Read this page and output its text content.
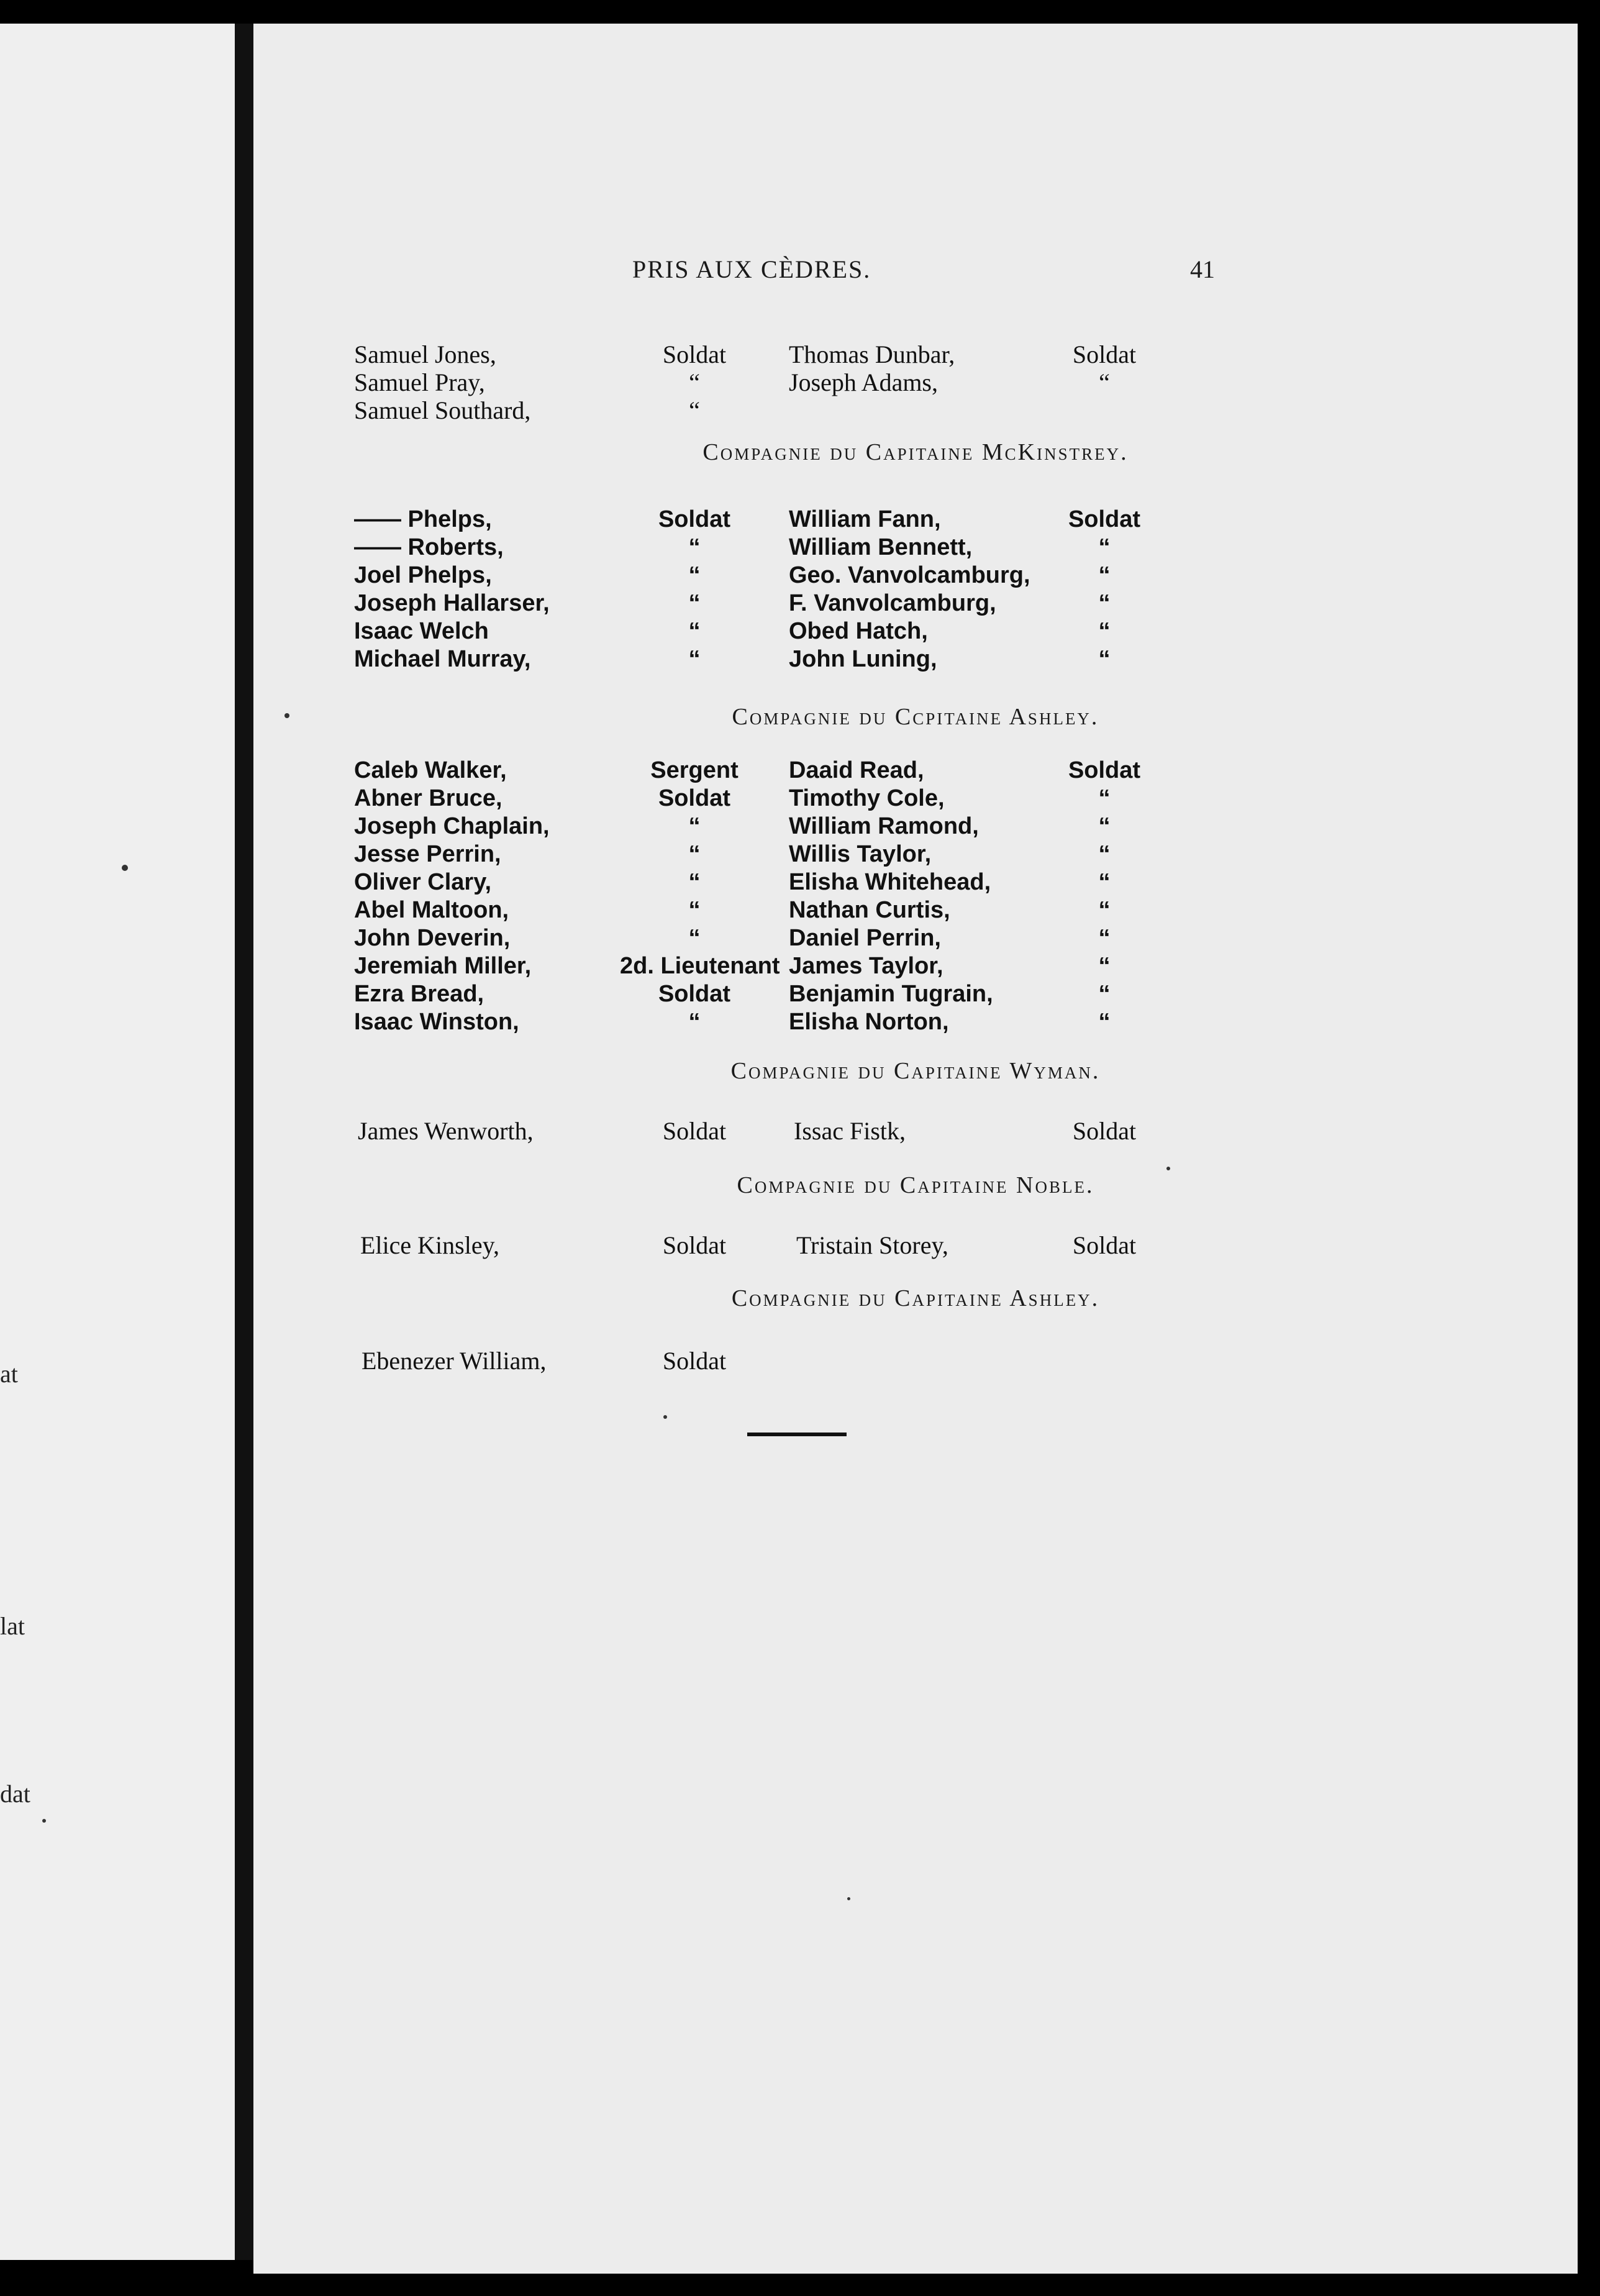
at
lat
dat
PRIS AUX CÈDRES.	41
Samuel Jones,	Soldat	Thomas Dunbar,	Soldat
Samuel Pray,	“	Joseph Adams,	“
Samuel Southard,	“
Compagnie du Capitaine McKinstrey.
—— Phelps,	Soldat	William Fann,	Soldat
—— Roberts,	“	William Bennett,	“
Joel Phelps,	“	Geo. Vanvolcamburg,	“
Joseph Hallarser,	“	F. Vanvolcamburg,	“
Isaac Welch	“	Obed Hatch,	“
Michael Murray,	“	John Luning,	“
Compagnie du Ccpitaine Ashley.
Caleb Walker,	Sergent	Daaid Read,	Soldat
Abner Bruce,	Soldat	Timothy Cole,	“
Joseph Chaplain,	“	William Ramond,	“
Jesse Perrin,	“	Willis Taylor,	“
Oliver Clary,	“	Elisha Whitehead,	“
Abel Maltoon,	“	Nathan Curtis,	“
John Deverin,	“	Daniel Perrin,	“
Jeremiah Miller,	2d. Lieutenant James Taylor,	“
Ezra Bread,	Soldat	Benjamin Tugrain,	“
Isaac Winston,	“	Elisha Norton,	“
Compagnie du Capitaine Wyman.
James Wenworth,	Soldat	Issac Fistk,	Soldat
Compagnie du Capitaine Noble.
Elice Kinsley,	Soldat	Tristain Storey,	Soldat
Compagnie du Capitaine Ashley.
Ebenezer William,	Soldat
